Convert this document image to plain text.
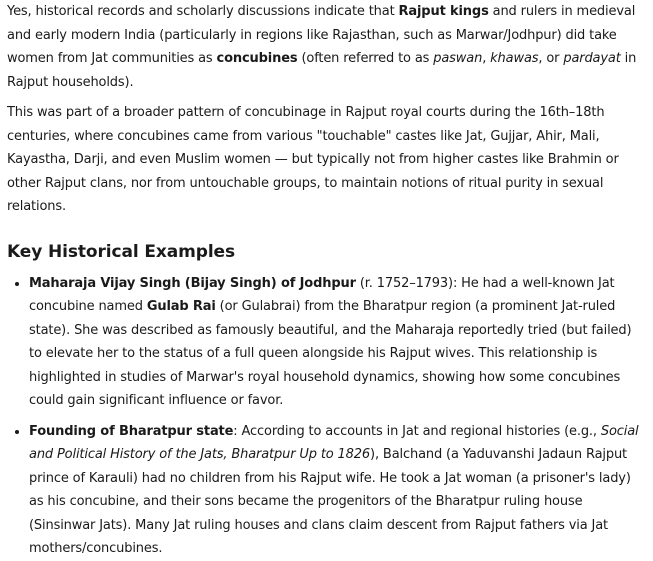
Yes, historical records and scholarly discussions indicate that Rajput kings and rulers in medieval and early modern India (particularly in regions like Rajasthan, such as Marwar/Jodhpur) did take women from Jat communities as concubines (often referred to as paswan, khawas, or pardayat in Rajput households).

This was part of a broader pattern of concubinage in Rajput royal courts during the 16th–18th centuries, where concubines came from various "touchable" castes like Jat, Gujjar, Ahir, Mali, Kayastha, Darji, and even Muslim women — but typically not from higher castes like Brahmin or other Rajput clans, nor from untouchable groups, to maintain notions of ritual purity in sexual relations.

Key Historical Examples
• Maharaja Vijay Singh (Bijay Singh) of Jodhpur (r. 1752–1793): He had a well-known Jat concubine named Gulab Rai (or Gulabrai) from the Bharatpur region (a prominent Jat-ruled state). She was described as famously beautiful, and the Maharaja reportedly tried (but failed) to elevate her to the status of a full queen alongside his Rajput wives. This relationship is highlighted in studies of Marwar's royal household dynamics, showing how some concubines could gain significant influence or favor.
• Founding of Bharatpur state: According to accounts in Jat and regional histories (e.g., Social and Political History of the Jats, Bharatpur Up to 1826), Balchand (a Yaduvanshi Jadaun Rajput prince of Karauli) had no children from his Rajput wife. He took a Jat woman (a prisoner's lady) as his concubine, and their sons became the progenitors of the Bharatpur ruling house (Sinsinwar Jats). Many Jat ruling houses and clans claim descent from Rajput fathers via Jat mothers/concubines.
